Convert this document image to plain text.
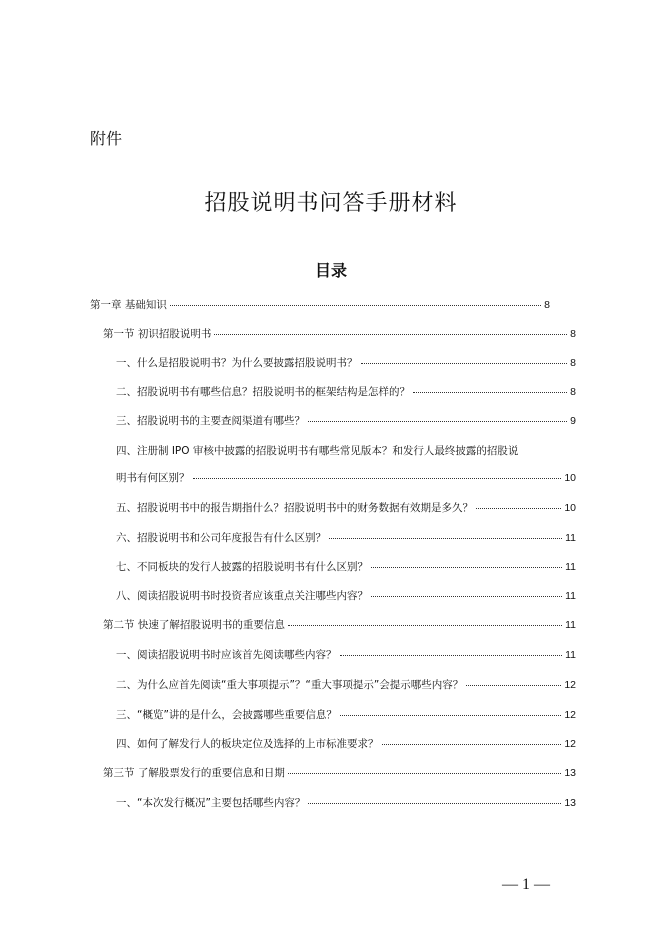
附件
招股说明书问答手册材料
目录
第一章 基础知识	8
第一节 初识招股说明书	8
一、什么是招股说明书？为什么要披露招股说明书？	8
二、招股说明书有哪些信息？招股说明书的框架结构是怎样的？	8
三、招股说明书的主要查阅渠道有哪些？	9
四、注册制 IPO 审核中披露的招股说明书有哪些常见版本？和发行人最终披露的招股说
明书有何区别？	10
五、招股说明书中的报告期指什么？招股说明书中的财务数据有效期是多久？	10
六、招股说明书和公司年度报告有什么区别？	11
七、不同板块的发行人披露的招股说明书有什么区别？	11
八、阅读招股说明书时投资者应该重点关注哪些内容？	11
第二节 快速了解招股说明书的重要信息	11
一、阅读招股说明书时应该首先阅读哪些内容？	11
二、为什么应首先阅读“重大事项提示”？“重大事项提示”会提示哪些内容？	12
三、“概览”讲的是什么，会披露哪些重要信息？	12
四、如何了解发行人的板块定位及选择的上市标准要求？	12
第三节 了解股票发行的重要信息和日期	13
一、“本次发行概况”主要包括哪些内容？	13
— 1 —
